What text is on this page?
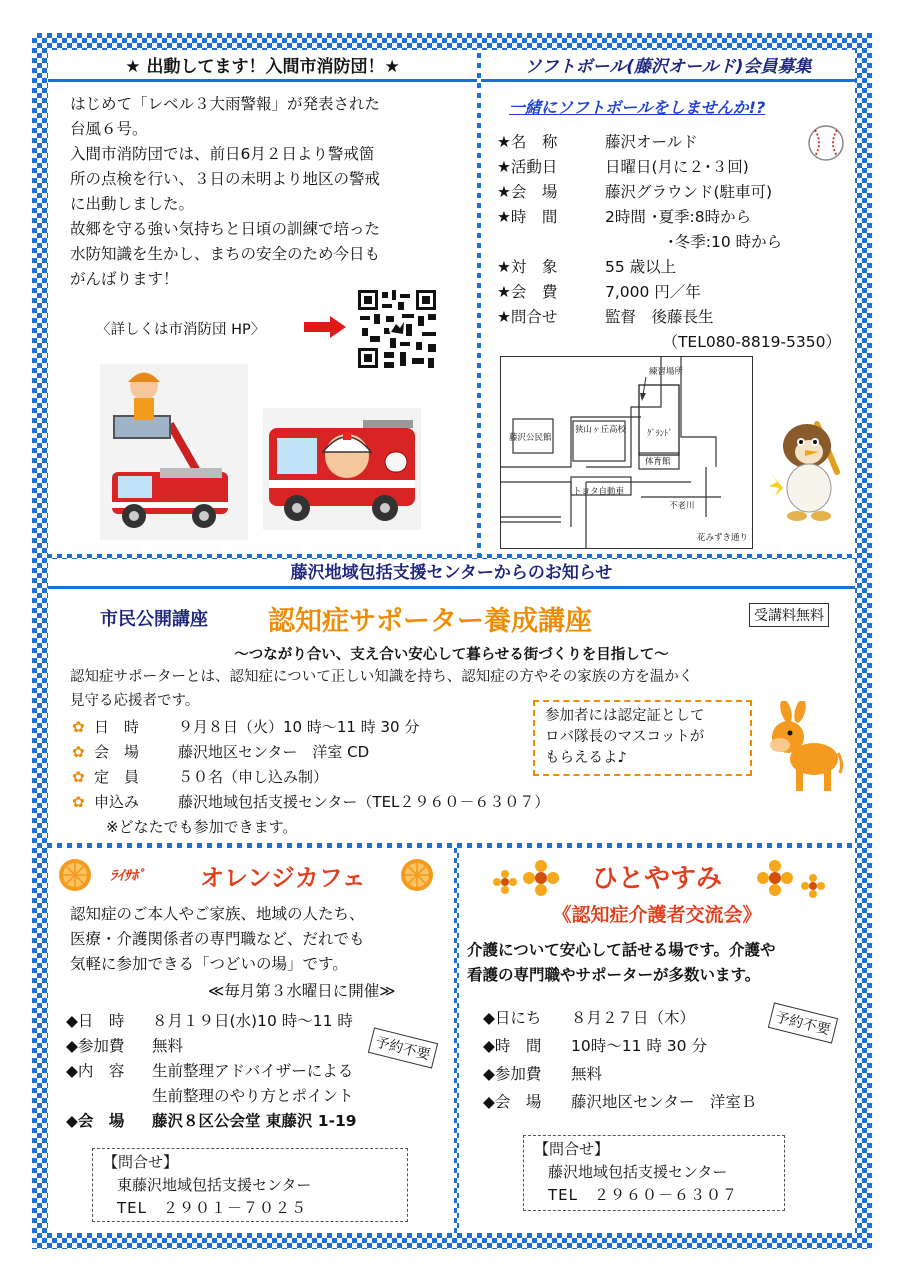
★ 出動してます！入間市消防団！★
はじめて「レベル３大雨警報」が発表された
台風６号。
入間市消防団では、前日6月２日より警戒箇
所の点検を行い、３日の未明より地区の警戒
に出動しました。
故郷を守る強い気持ちと日頃の訓練で培った
水防知識を生かし、まちの安全のため今日も
がんばります！
〈詳しくは市消防団 HP〉
ソフトボール(藤沢オールド)会員募集
一緒にソフトボールをしませんか!?
★名　称	藤沢オールド
★活動日	日曜日(月に２･３回)
★会　場	藤沢グラウンド(駐車可)
★時　間	2時間 ･夏季:8時から
　　　　･冬季:10 時から
★対　象	55 歳以上
★会　費	7,000 円／年
★問合せ	監督　後藤長生
（TEL080-8819-5350）
練習場所
藤沢公民館
狭山ヶ丘高校 ｸﾞﾗﾝﾄﾞ
体育館
トヨタ自動車
不老川
花みずき通り
藤沢地域包括支援センターからのお知らせ
市民公開講座 認知症サポーター養成講座	受講料無料
～つながり合い、支え合い安心して暮らせる街づくりを目指して～
認知症サポーターとは、認知症について正しい知識を持ち、認知症の方やその家族の方を温かく
見守る応援者です。
✿ 日　時	９月８日（火）10 時～11 時 30 分
✿ 会　場	藤沢地区センター　洋室 CD
✿ 定　員	５０名（申し込み制）
✿ 申込み	藤沢地域包括支援センター（TEL２９６０－６３０７）
※どなたでも参加できます。
参加者には認定証として
ロバ隊長のマスコットが
もらえるよ♪
ﾗｲｻﾎﾟ オレンジカフェ
認知症のご本人やご家族、地域の人たち、
医療・介護関係者の専門職など、だれでも
気軽に参加できる「つどいの場」です。
≪毎月第３水曜日に開催≫
◆日　時	８月１９日(水)10 時～11 時
◆参加費	無料
◆内　容	生前整理アドバイザーによる
生前整理のやり方とポイント
◆会　場	藤沢８区公会堂 東藤沢 1-19
予約不要
【問合せ】
東藤沢地域包括支援センター
TEL　２９０１－７０２５
ひとやすみ
《認知症介護者交流会》
介護について安心して話せる場です。介護や
看護の専門職やサポーターが多数います。
◆日にち	８月２７日（木）
◆時　間	10時～11 時 30 分
◆参加費	無料
◆会　場	藤沢地区センター　洋室Ｂ
予約不要
【問合せ】
藤沢地域包括支援センター
TEL　２９６０－６３０７
